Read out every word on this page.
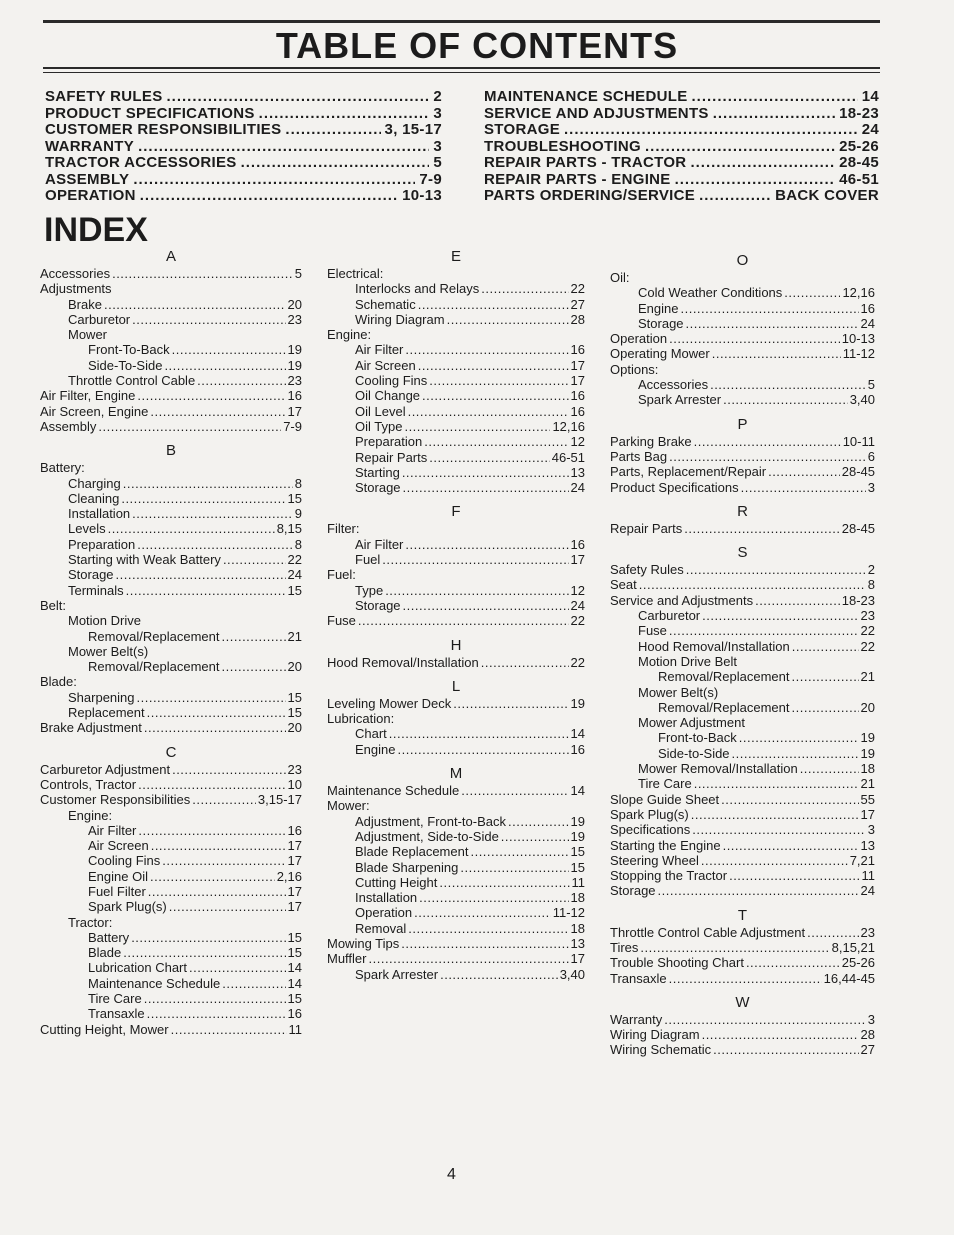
TABLE OF CONTENTS
SAFETY RULES .....	2
PRODUCT SPECIFICATIONS .....	3
CUSTOMER RESPONSIBILITIES .....	3, 15-17
WARRANTY .....	3
TRACTOR ACCESSORIES .....	5
ASSEMBLY .....	7-9
OPERATION .....	10-13
MAINTENANCE SCHEDULE .....	14
SERVICE AND ADJUSTMENTS .....	18-23
STORAGE .....	24
TROUBLESHOOTING .....	25-26
REPAIR PARTS - TRACTOR .....	28-45
REPAIR PARTS - ENGINE .....	46-51
PARTS ORDERING/SERVICE .....	BACK COVER
INDEX
A
Accessories .....	5
Adjustments
Brake .....	20
Carburetor .....	23
Mower
Front-To-Back .....	19
Side-To-Side .....	19
Throttle Control Cable .....	23
Air Filter, Engine .....	16
Air Screen, Engine .....	17
Assembly .....	7-9
B
Battery:
Charging .....	8
Cleaning .....	15
Installation .....	9
Levels .....	8,15
Preparation .....	8
Starting with Weak Battery .....	22
Storage .....	24
Terminals .....	15
Belt:
Motion Drive
Removal/Replacement .....	21
Mower Belt(s)
Removal/Replacement .....	20
Blade:
Sharpening .....	15
Replacement .....	15
Brake Adjustment .....	20
C
Carburetor Adjustment .....	23
Controls, Tractor .....	10
Customer Responsibilities .....	3,15-17
Engine:
Air Filter .....	16
Air Screen .....	17
Cooling Fins .....	17
Engine Oil .....	2,16
Fuel Filter .....	17
Spark Plug(s) .....	17
Tractor:
Battery .....	15
Blade .....	15
Lubrication Chart .....	14
Maintenance Schedule .....	14
Tire Care .....	15
Transaxle .....	16
Cutting Height, Mower .....	11
E
Electrical:
Interlocks and Relays .....	22
Schematic .....	27
Wiring Diagram .....	28
Engine:
Air Filter .....	16
Air Screen .....	17
Cooling Fins .....	17
Oil Change .....	16
Oil Level .....	16
Oil Type .....	12,16
Preparation .....	12
Repair Parts .....	46-51
Starting .....	13
Storage .....	24
F
Filter:
Air Filter .....	16
Fuel .....	17
Fuel:
Type .....	12
Storage .....	24
Fuse .....	22
H
Hood Removal/Installation .....	22
L
Leveling Mower Deck .....	19
Lubrication:
Chart .....	14
Engine .....	16
M
Maintenance Schedule .....	14
Mower:
Adjustment, Front-to-Back .....	19
Adjustment, Side-to-Side .....	19
Blade Replacement .....	15
Blade Sharpening .....	15
Cutting Height .....	11
Installation .....	18
Operation .....	11-12
Removal .....	18
Mowing Tips .....	13
Muffler .....	17
Spark Arrester .....	3,40
O
Oil:
Cold Weather Conditions .....	12,16
Engine .....	16
Storage .....	24
Operation .....	10-13
Operating Mower .....	11-12
Options:
Accessories .....	5
Spark Arrester .....	3,40
P
Parking Brake .....	10-11
Parts Bag .....	6
Parts, Replacement/Repair .....	28-45
Product Specifications .....	3
R
Repair Parts .....	28-45
S
Safety Rules .....	2
Seat .....	8
Service and Adjustments .....	18-23
Carburetor .....	23
Fuse .....	22
Hood Removal/Installation .....	22
Motion Drive Belt
Removal/Replacement .....	21
Mower Belt(s)
Removal/Replacement .....	20
Mower Adjustment
Front-to-Back .....	19
Side-to-Side .....	19
Mower Removal/Installation .....	18
Tire Care .....	21
Slope Guide Sheet .....	55
Spark Plug(s) .....	17
Specifications .....	3
Starting the Engine .....	13
Steering Wheel .....	7,21
Stopping the Tractor .....	11
Storage .....	24
T
Throttle Control Cable Adjustment .....	23
Tires .....	8,15,21
Trouble Shooting Chart .....	25-26
Transaxle .....	16,44-45
W
Warranty .....	3
Wiring Diagram .....	28
Wiring Schematic .....	27
4
